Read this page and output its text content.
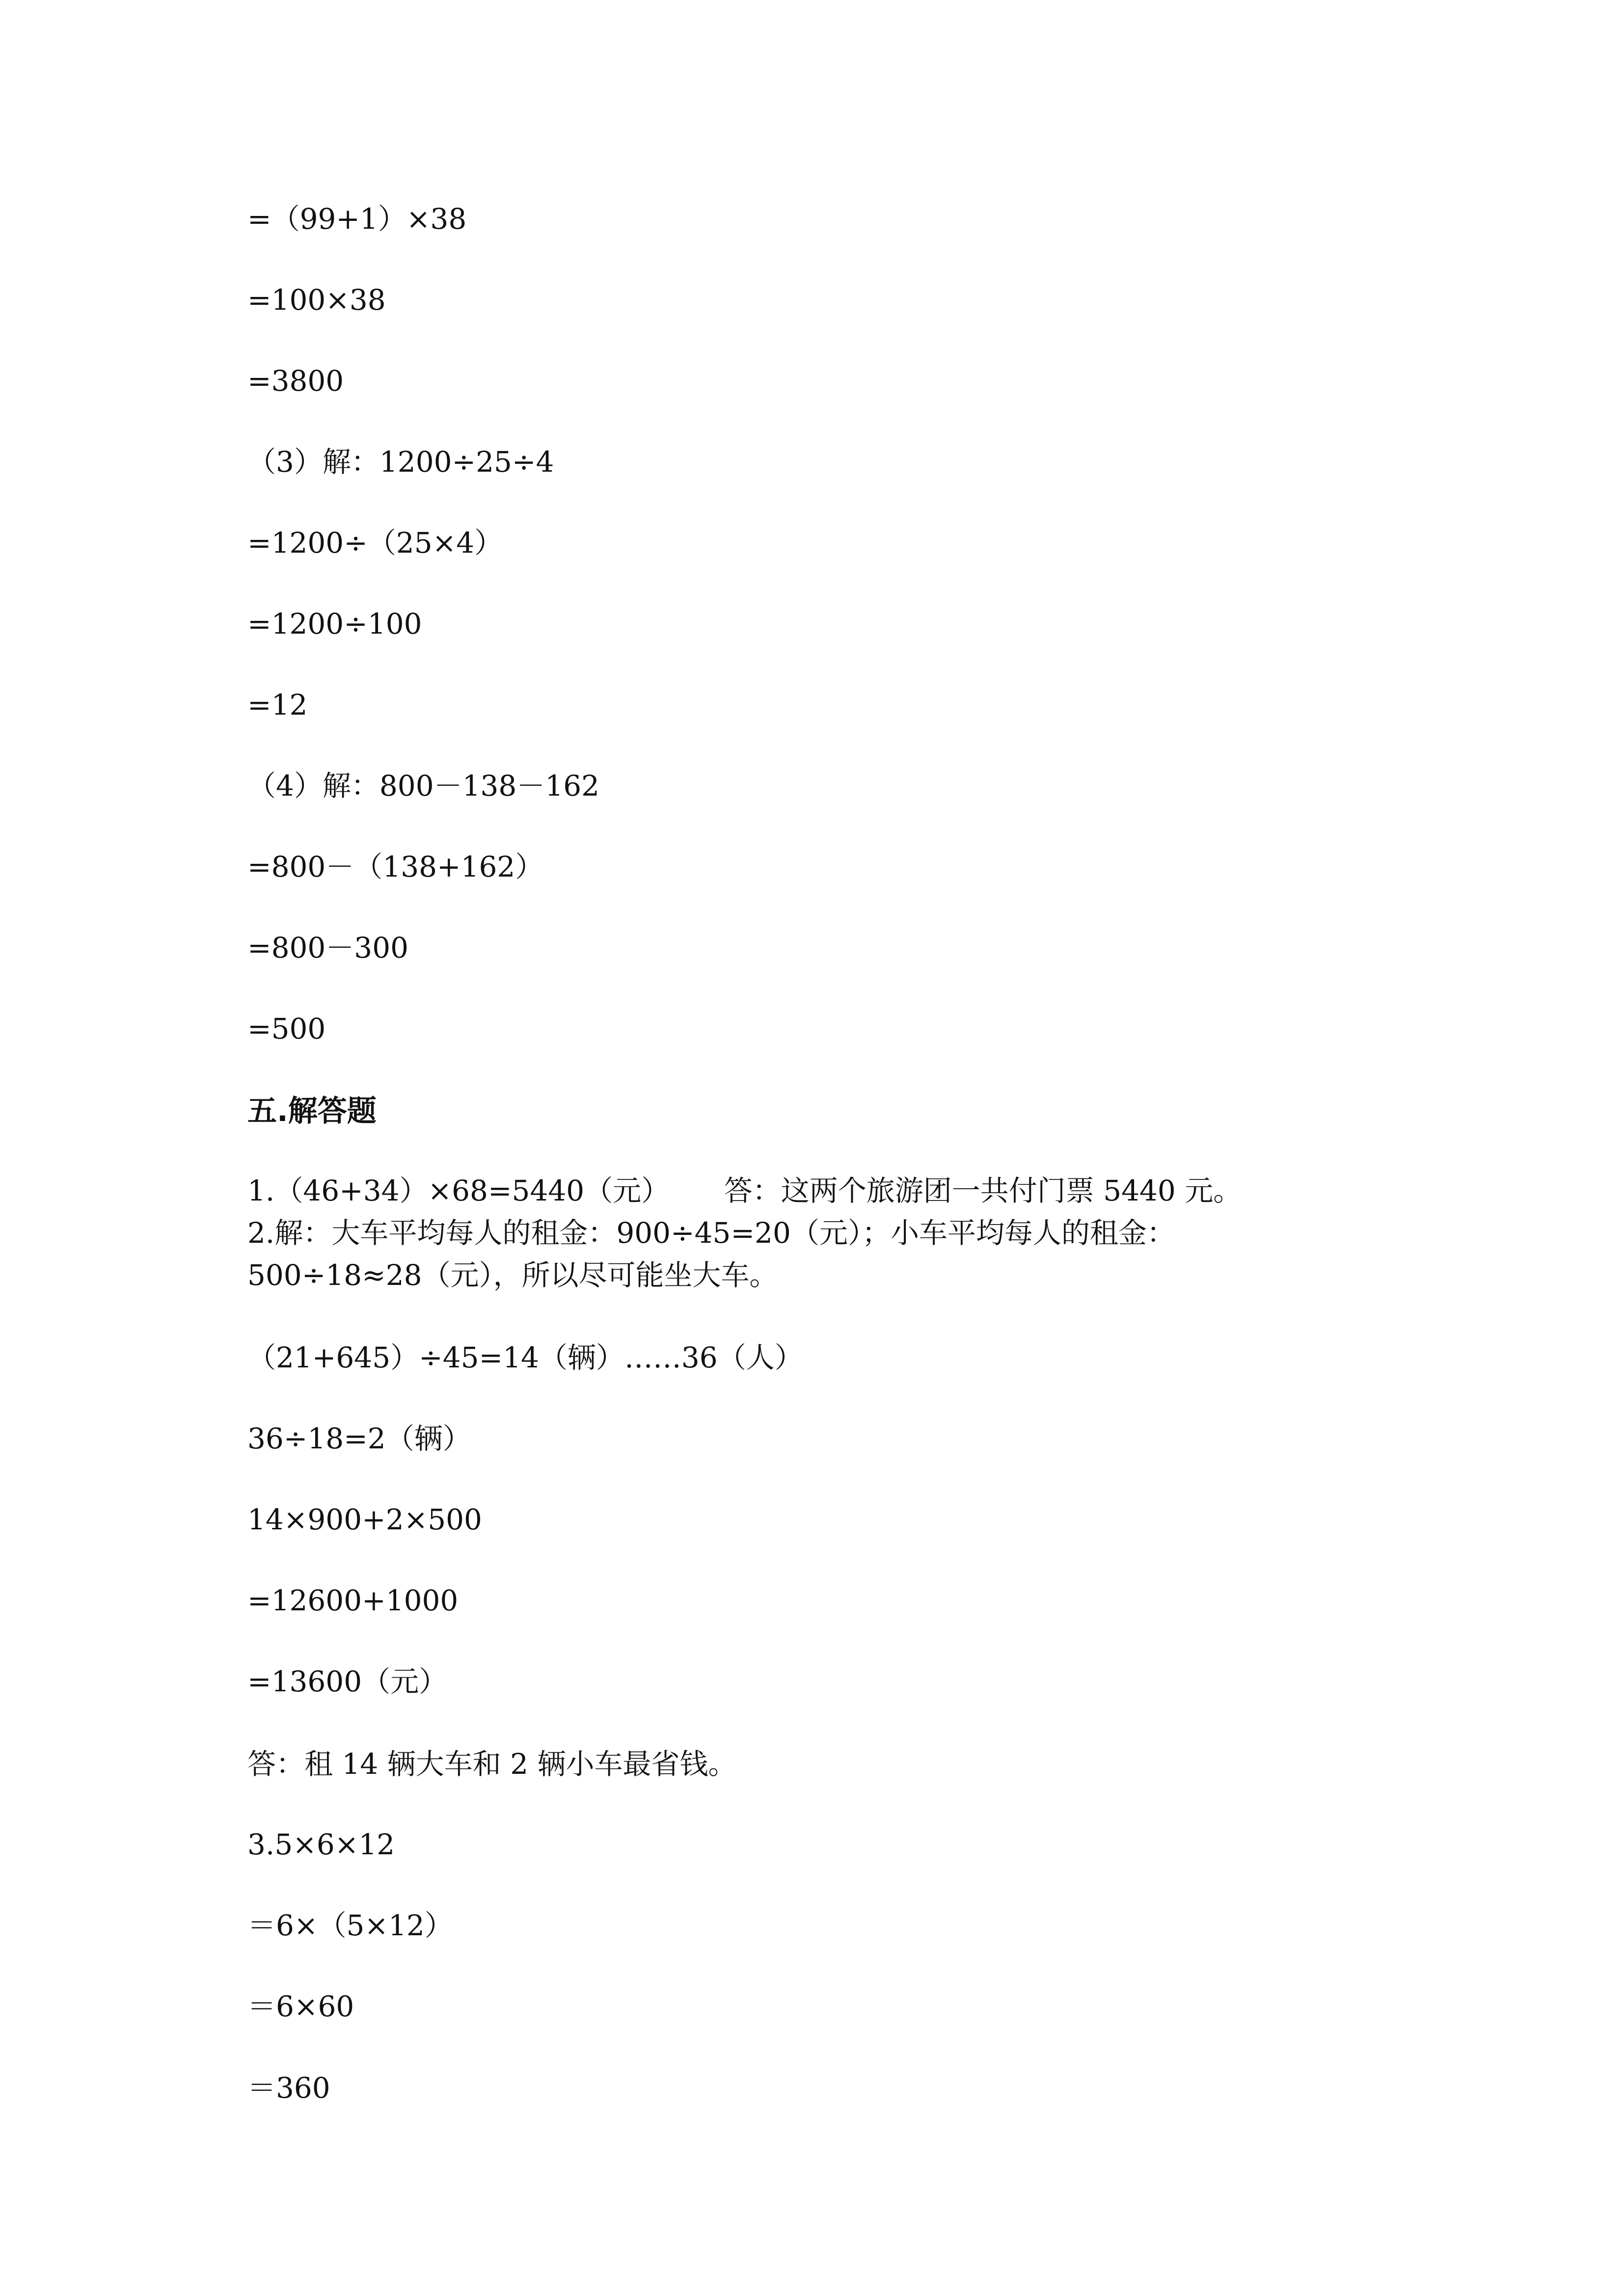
=（99+1）×38
=100×38
=3800
（3）解：1200÷25÷4
=1200÷（25×4）
=1200÷100
=12
（4）解：800－138－162
=800－（138+162）
=800－300
=500
五.解答题
1.（46+34）×68=5440（元）      答：这两个旅游团一共付门票 5440 元。
2.解：大车平均每人的租金：900÷45=20（元）；小车平均每人的租金：
500÷18≈28（元），所以尽可能坐大车。
（21+645）÷45=14（辆）……36（人）
36÷18=2（辆）
14×900+2×500
=12600+1000
=13600（元）
答：租 14 辆大车和 2 辆小车最省钱。
3.5×6×12
＝6×（5×12）
＝6×60
＝360
